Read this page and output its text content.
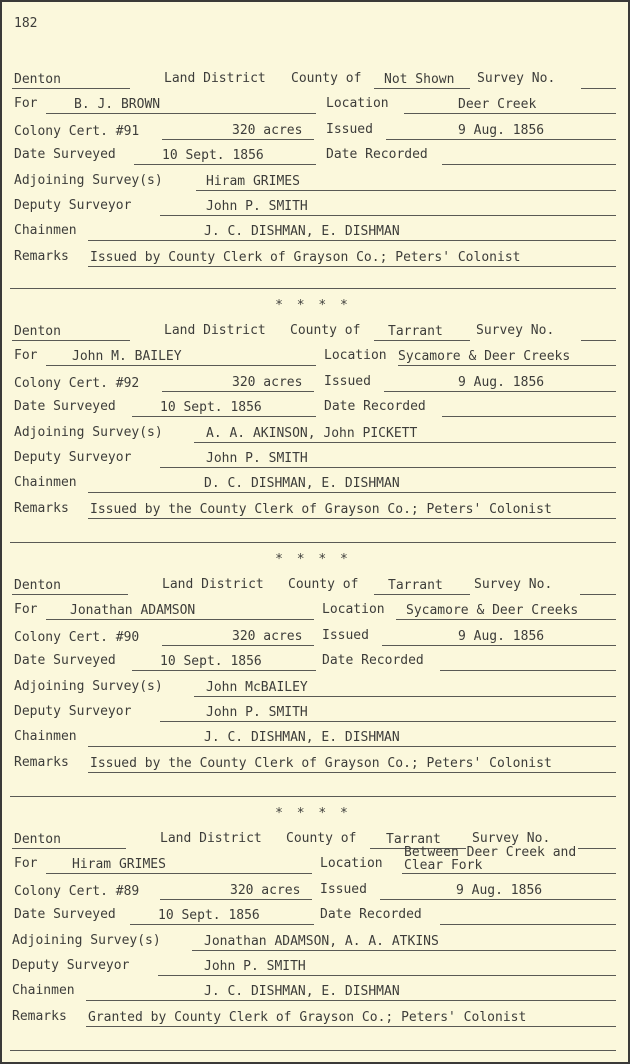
182
Denton	Land District County of Not Shown Survey No.
For	B. J. BROWN	Location	Deer Creek
Colony Cert. #91	320 acres Issued	9 Aug. 1856
Date Surveyed	10 Sept. 1856	Date Recorded
Adjoining Survey(s)	Hiram GRIMES
Deputy Surveyor	John P. SMITH
Chainmen	J. C. DISHMAN, E. DISHMAN
Remarks Issued by County Clerk of Grayson Co.; Peters' Colonist
* * * *
Denton	Land District County of Tarrant	Survey No.
For	John M. BAILEY	Location Sycamore & Deer Creeks
Colony Cert. #92	320 acres Issued	9 Aug. 1856
Date Surveyed	10 Sept. 1856	Date Recorded
Adjoining Survey(s)	A. A. AKINSON, John PICKETT
Deputy Surveyor	John P. SMITH
Chainmen	D. C. DISHMAN, E. DISHMAN
Remarks Issued by the County Clerk of Grayson Co.; Peters' Colonist
* * * *
Denton	Land District County of Tarrant Survey No.
For	Jonathan ADAMSON	Location Sycamore & Deer Creeks
Colony Cert. #90	320 acres Issued	9 Aug. 1856
Date Surveyed	10 Sept. 1856	Date Recorded
Adjoining Survey(s)	John McBAILEY
Deputy Surveyor	John P. SMITH
Chainmen	J. C. DISHMAN, E. DISHMAN
Remarks Issued by the County Clerk of Grayson Co.; Peters' Colonist
* * * *
Denton	Land District County of Tarrant Survey No.
For	Hiram GRIMES	Location
Between Deer Creek and
Clear Fork
Colony Cert. #89	320 acres Issued	9 Aug. 1856
Date Surveyed	10 Sept. 1856	Date Recorded
Adjoining Survey(s)	Jonathan ADAMSON, A. A. ATKINS
Deputy Surveyor	John P. SMITH
Chainmen	J. C. DISHMAN, E. DISHMAN
Remarks Granted by County Clerk of Grayson Co.; Peters' Colonist
